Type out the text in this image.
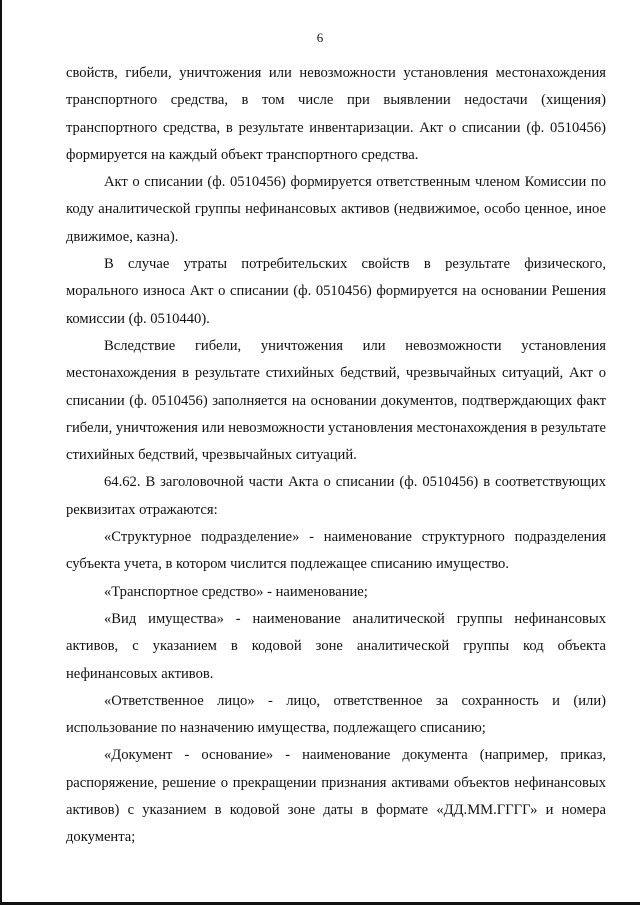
6

свойств, гибели, уничтожения или невозможности установления местонахождения транспортного средства, в том числе при выявлении недостачи (хищения) транспортного средства, в результате инвентаризации. Акт о списании (ф. 0510456) формируется на каждый объект транспортного средства.

Акт о списании (ф. 0510456) формируется ответственным членом Комиссии по коду аналитической группы нефинансовых активов (недвижимое, особо ценное, иное движимое, казна).

В случае утраты потребительских свойств в результате физического, морального износа Акт о списании (ф. 0510456) формируется на основании Решения комиссии (ф. 0510440).

Вследствие гибели, уничтожения или невозможности установления местонахождения в результате стихийных бедствий, чрезвычайных ситуаций, Акт о списании (ф. 0510456) заполняется на основании документов, подтверждающих факт гибели, уничтожения или невозможности установления местонахождения в результате стихийных бедствий, чрезвычайных ситуаций.

64.62. В заголовочной части Акта о списании (ф. 0510456) в соответствующих реквизитах отражаются:

«Структурное подразделение» - наименование структурного подразделения субъекта учета, в котором числится подлежащее списанию имущество.

«Транспортное средство» - наименование;

«Вид имущества» - наименование аналитической группы нефинансовых активов, с указанием в кодовой зоне аналитической группы код объекта нефинансовых активов.

«Ответственное лицо» - лицо, ответственное за сохранность и (или) использование по назначению имущества, подлежащего списанию;

«Документ - основание» - наименование документа (например, приказ, распоряжение, решение о прекращении признания активами объектов нефинансовых активов) с указанием в кодовой зоне даты в формате «ДД.ММ.ГГГГ» и номера документа;
